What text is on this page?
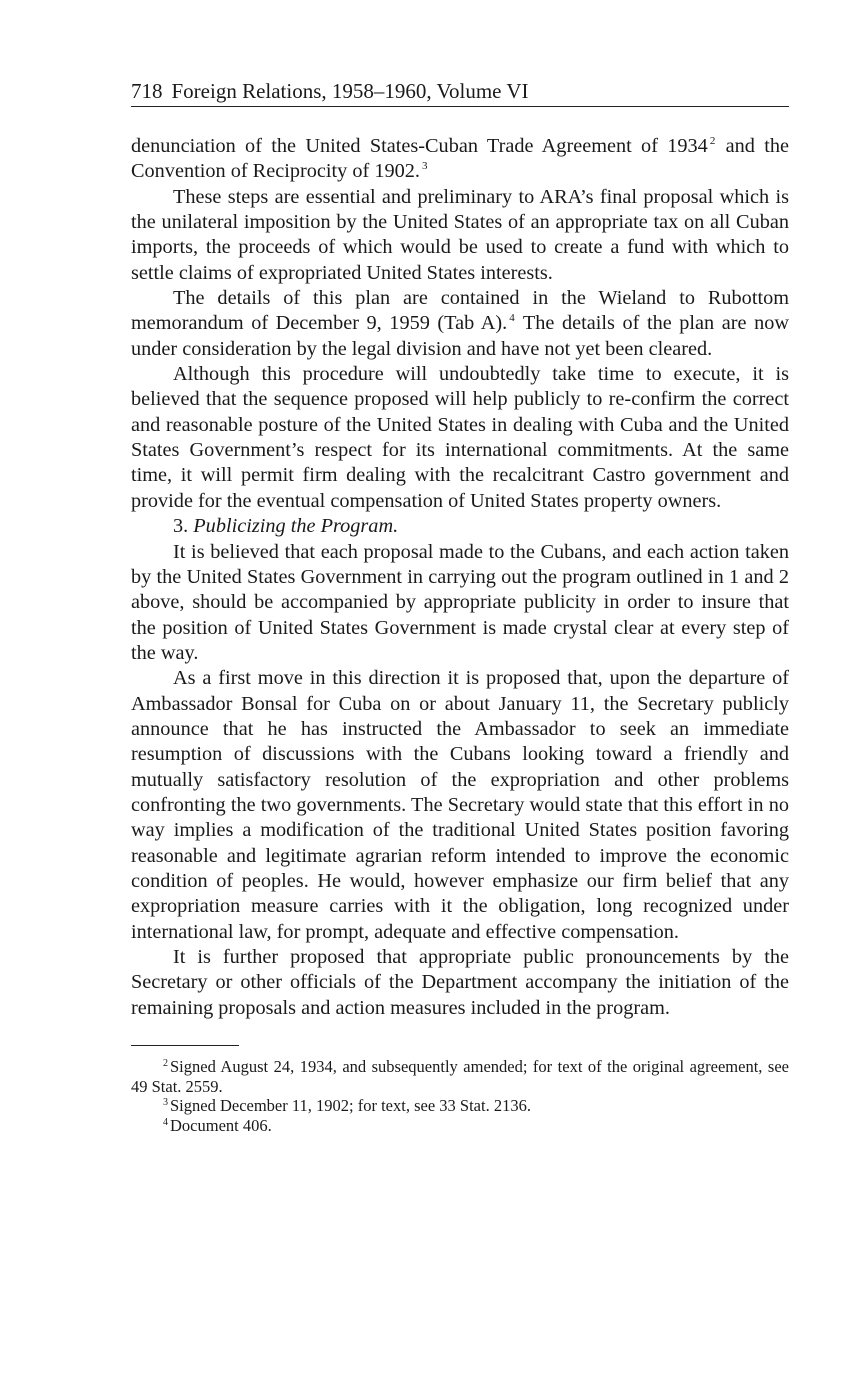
718 Foreign Relations, 1958–1960, Volume VI

denunciation of the United States-Cuban Trade Agreement of 1934 $^2$ and the Convention of Reciprocity of 1902. $^3$

These steps are essential and preliminary to ARA’s final proposal which is the unilateral imposition by the United States of an appropriate tax on all Cuban imports, the proceeds of which would be used to create a fund with which to settle claims of expropriated United States interests.

The details of this plan are contained in the Wieland to Rubottom memorandum of December 9, 1959 (Tab A). $^4$ The details of the plan are now under consideration by the legal division and have not yet been cleared.

Although this procedure will undoubtedly take time to execute, it is believed that the sequence proposed will help publicly to re-confirm the correct and reasonable posture of the United States in dealing with Cuba and the United States Government’s respect for its international commitments. At the same time, it will permit firm dealing with the recalcitrant Castro government and provide for the eventual compensation of United States property owners.

3. Publicizing the Program.

It is believed that each proposal made to the Cubans, and each action taken by the United States Government in carrying out the program outlined in 1 and 2 above, should be accompanied by appropriate publicity in order to insure that the position of United States Government is made crystal clear at every step of the way.

As a first move in this direction it is proposed that, upon the departure of Ambassador Bonsal for Cuba on or about January 11, the Secretary publicly announce that he has instructed the Ambassador to seek an immediate resumption of discussions with the Cubans looking toward a friendly and mutually satisfactory resolution of the expropriation and other problems confronting the two governments. The Secretary would state that this effort in no way implies a modification of the traditional United States position favoring reasonable and legitimate agrarian reform intended to improve the economic condition of peoples. He would, however emphasize our firm belief that any expropriation measure carries with it the obligation, long recognized under international law, for prompt, adequate and effective compensation.

It is further proposed that appropriate public pronouncements by the Secretary or other officials of the Department accompany the initiation of the remaining proposals and action measures included in the program.

$^2$ Signed August 24, 1934, and subsequently amended; for text of the original agreement, see 49 Stat. 2559.

$^3$ Signed December 11, 1902; for text, see 33 Stat. 2136.

$^4$ Document 406.
